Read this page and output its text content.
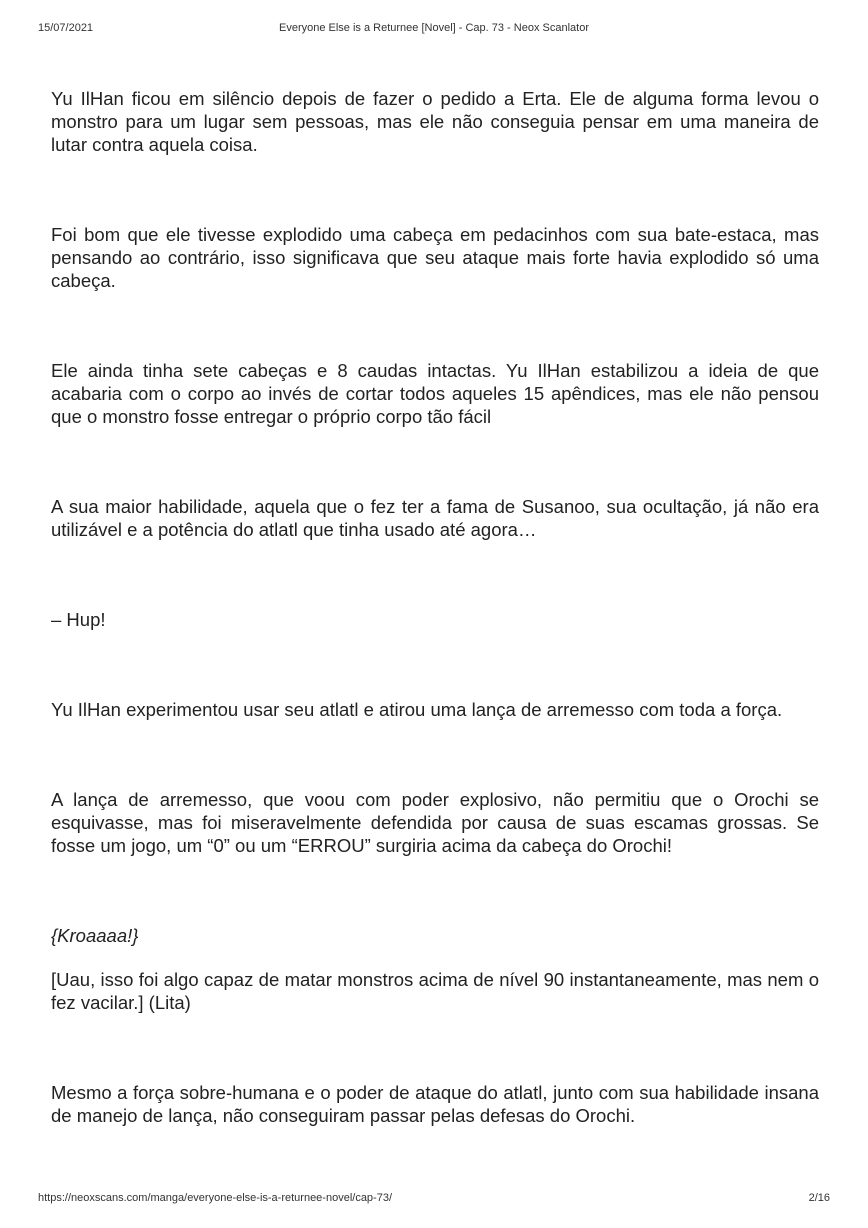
Everyone Else is a Returnee [Novel] - Cap. 73 - Neox Scanlator
15/07/2021

Yu IlHan ficou em silêncio depois de fazer o pedido a Erta. Ele de alguma forma levou o monstro para um lugar sem pessoas, mas ele não conseguia pensar em uma maneira de lutar contra aquela coisa.

Foi bom que ele tivesse explodido uma cabeça em pedacinhos com sua bate-estaca, mas pensando ao contrário, isso significava que seu ataque mais forte havia explodido só uma cabeça.

Ele ainda tinha sete cabeças e 8 caudas intactas. Yu IlHan estabilizou a ideia de que acabaria com o corpo ao invés de cortar todos aqueles 15 apêndices, mas ele não pensou que o monstro fosse entregar o próprio corpo tão fácil

A sua maior habilidade, aquela que o fez ter a fama de Susanoo, sua ocultação, já não era utilizável e a potência do atlatl que tinha usado até agora…

– Hup!

Yu IlHan experimentou usar seu atlatl e atirou uma lança de arremesso com toda a força.

A lança de arremesso, que voou com poder explosivo, não permitiu que o Orochi se esquivasse, mas foi miseravelmente defendida por causa de suas escamas grossas. Se fosse um jogo, um “0” ou um “ERROU” surgiria acima da cabeça do Orochi!

{Kroaaaa!}

[Uau, isso foi algo capaz de matar monstros acima de nível 90 instantaneamente, mas nem o fez vacilar.] (Lita)

Mesmo a força sobre-humana e o poder de ataque do atlatl, junto com sua habilidade insana de manejo de lança, não conseguiram passar pelas defesas do Orochi.

https://neoxscans.com/manga/everyone-else-is-a-returnee-novel/cap-73/	2/16
